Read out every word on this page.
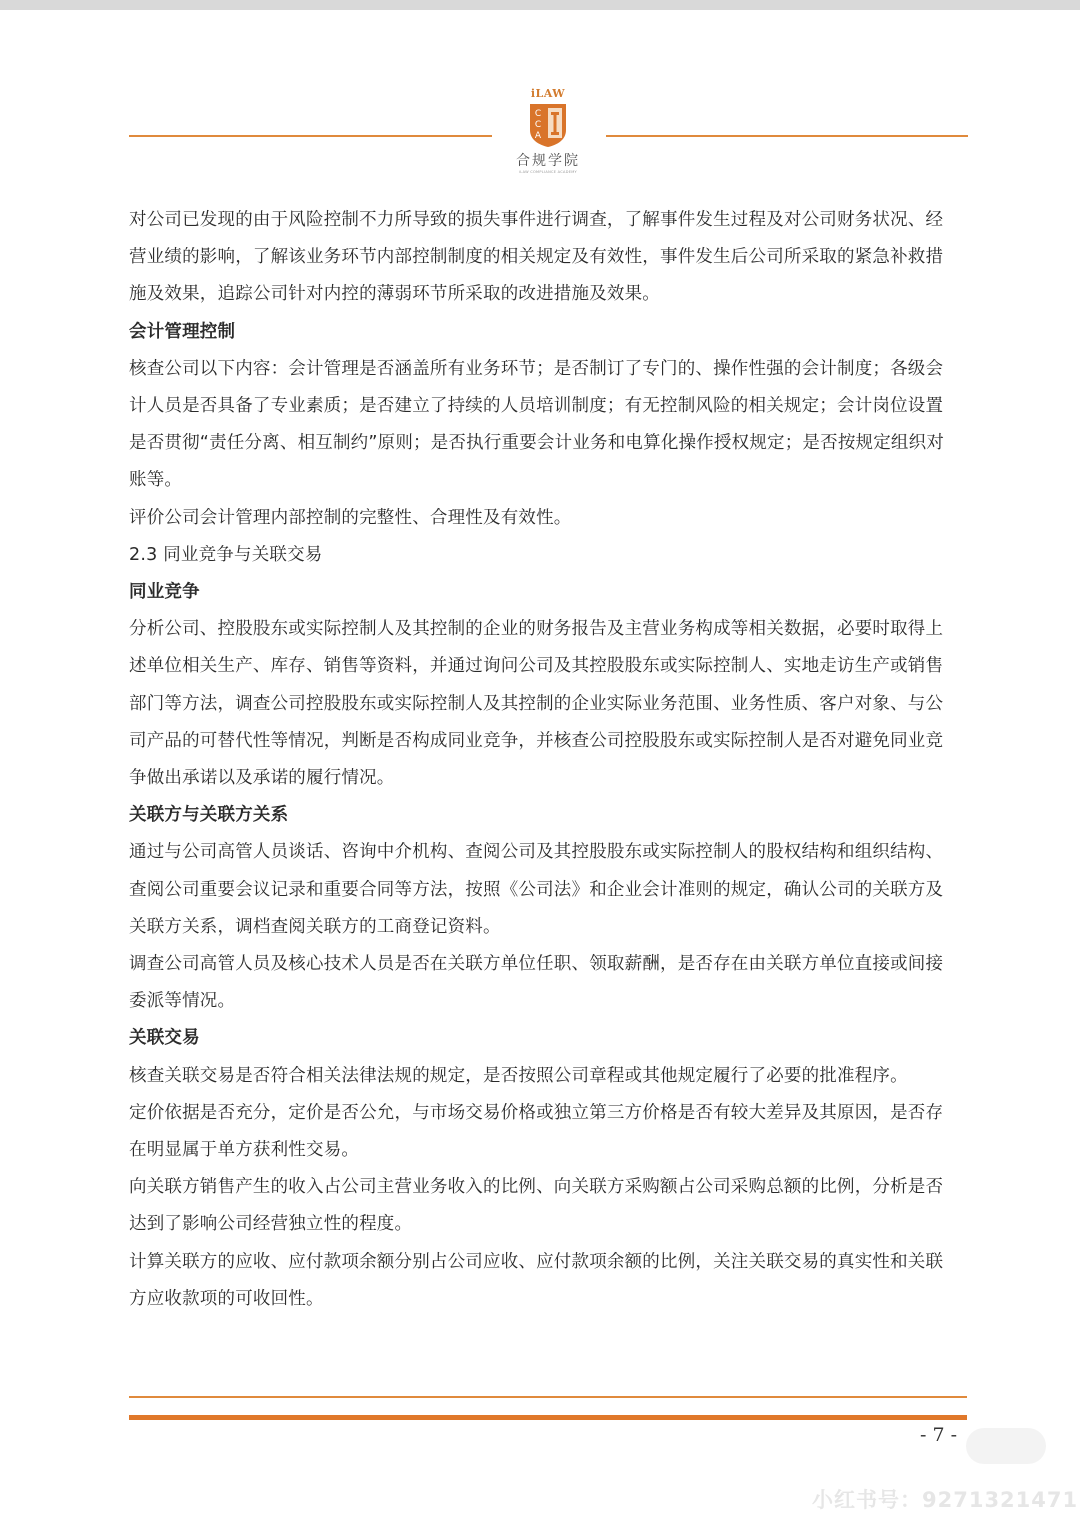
iLAW
C
C
A
合规学院
iLAW COMPLIANCE ACADEMY

对公司已发现的由于风险控制不力所导致的损失事件进行调查，了解事件发生过程及对公司财务状况、经营业绩的影响，了解该业务环节内部控制制度的相关规定及有效性，事件发生后公司所采取的紧急补救措施及效果，追踪公司针对内控的薄弱环节所采取的改进措施及效果。

会计管理控制

核查公司以下内容：会计管理是否涵盖所有业务环节；是否制订了专门的、操作性强的会计制度；各级会计人员是否具备了专业素质；是否建立了持续的人员培训制度；有无控制风险的相关规定；会计岗位设置是否贯彻“责任分离、相互制约”原则；是否执行重要会计业务和电算化操作授权规定；是否按规定组织对账等。

评价公司会计管理内部控制的完整性、合理性及有效性。

2.3 同业竞争与关联交易

同业竞争

分析公司、控股股东或实际控制人及其控制的企业的财务报告及主营业务构成等相关数据，必要时取得上述单位相关生产、库存、销售等资料，并通过询问公司及其控股股东或实际控制人、实地走访生产或销售部门等方法，调查公司控股股东或实际控制人及其控制的企业实际业务范围、业务性质、客户对象、与公司产品的可替代性等情况，判断是否构成同业竞争，并核查公司控股股东或实际控制人是否对避免同业竞争做出承诺以及承诺的履行情况。

关联方与关联方关系

通过与公司高管人员谈话、咨询中介机构、查阅公司及其控股股东或实际控制人的股权结构和组织结构、查阅公司重要会议记录和重要合同等方法，按照《公司法》和企业会计准则的规定，确认公司的关联方及关联方关系，调档查阅关联方的工商登记资料。

调查公司高管人员及核心技术人员是否在关联方单位任职、领取薪酬，是否存在由关联方单位直接或间接委派等情况。

关联交易

核查关联交易是否符合相关法律法规的规定，是否按照公司章程或其他规定履行了必要的批准程序。

定价依据是否充分，定价是否公允，与市场交易价格或独立第三方价格是否有较大差异及其原因，是否存在明显属于单方获利性交易。

向关联方销售产生的收入占公司主营业务收入的比例、向关联方采购额占公司采购总额的比例，分析是否达到了影响公司经营独立性的程度。

计算关联方的应收、应付款项余额分别占公司应收、应付款项余额的比例，关注关联交易的真实性和关联方应收款项的可收回性。

- 7 -
小红书号：9271321471
